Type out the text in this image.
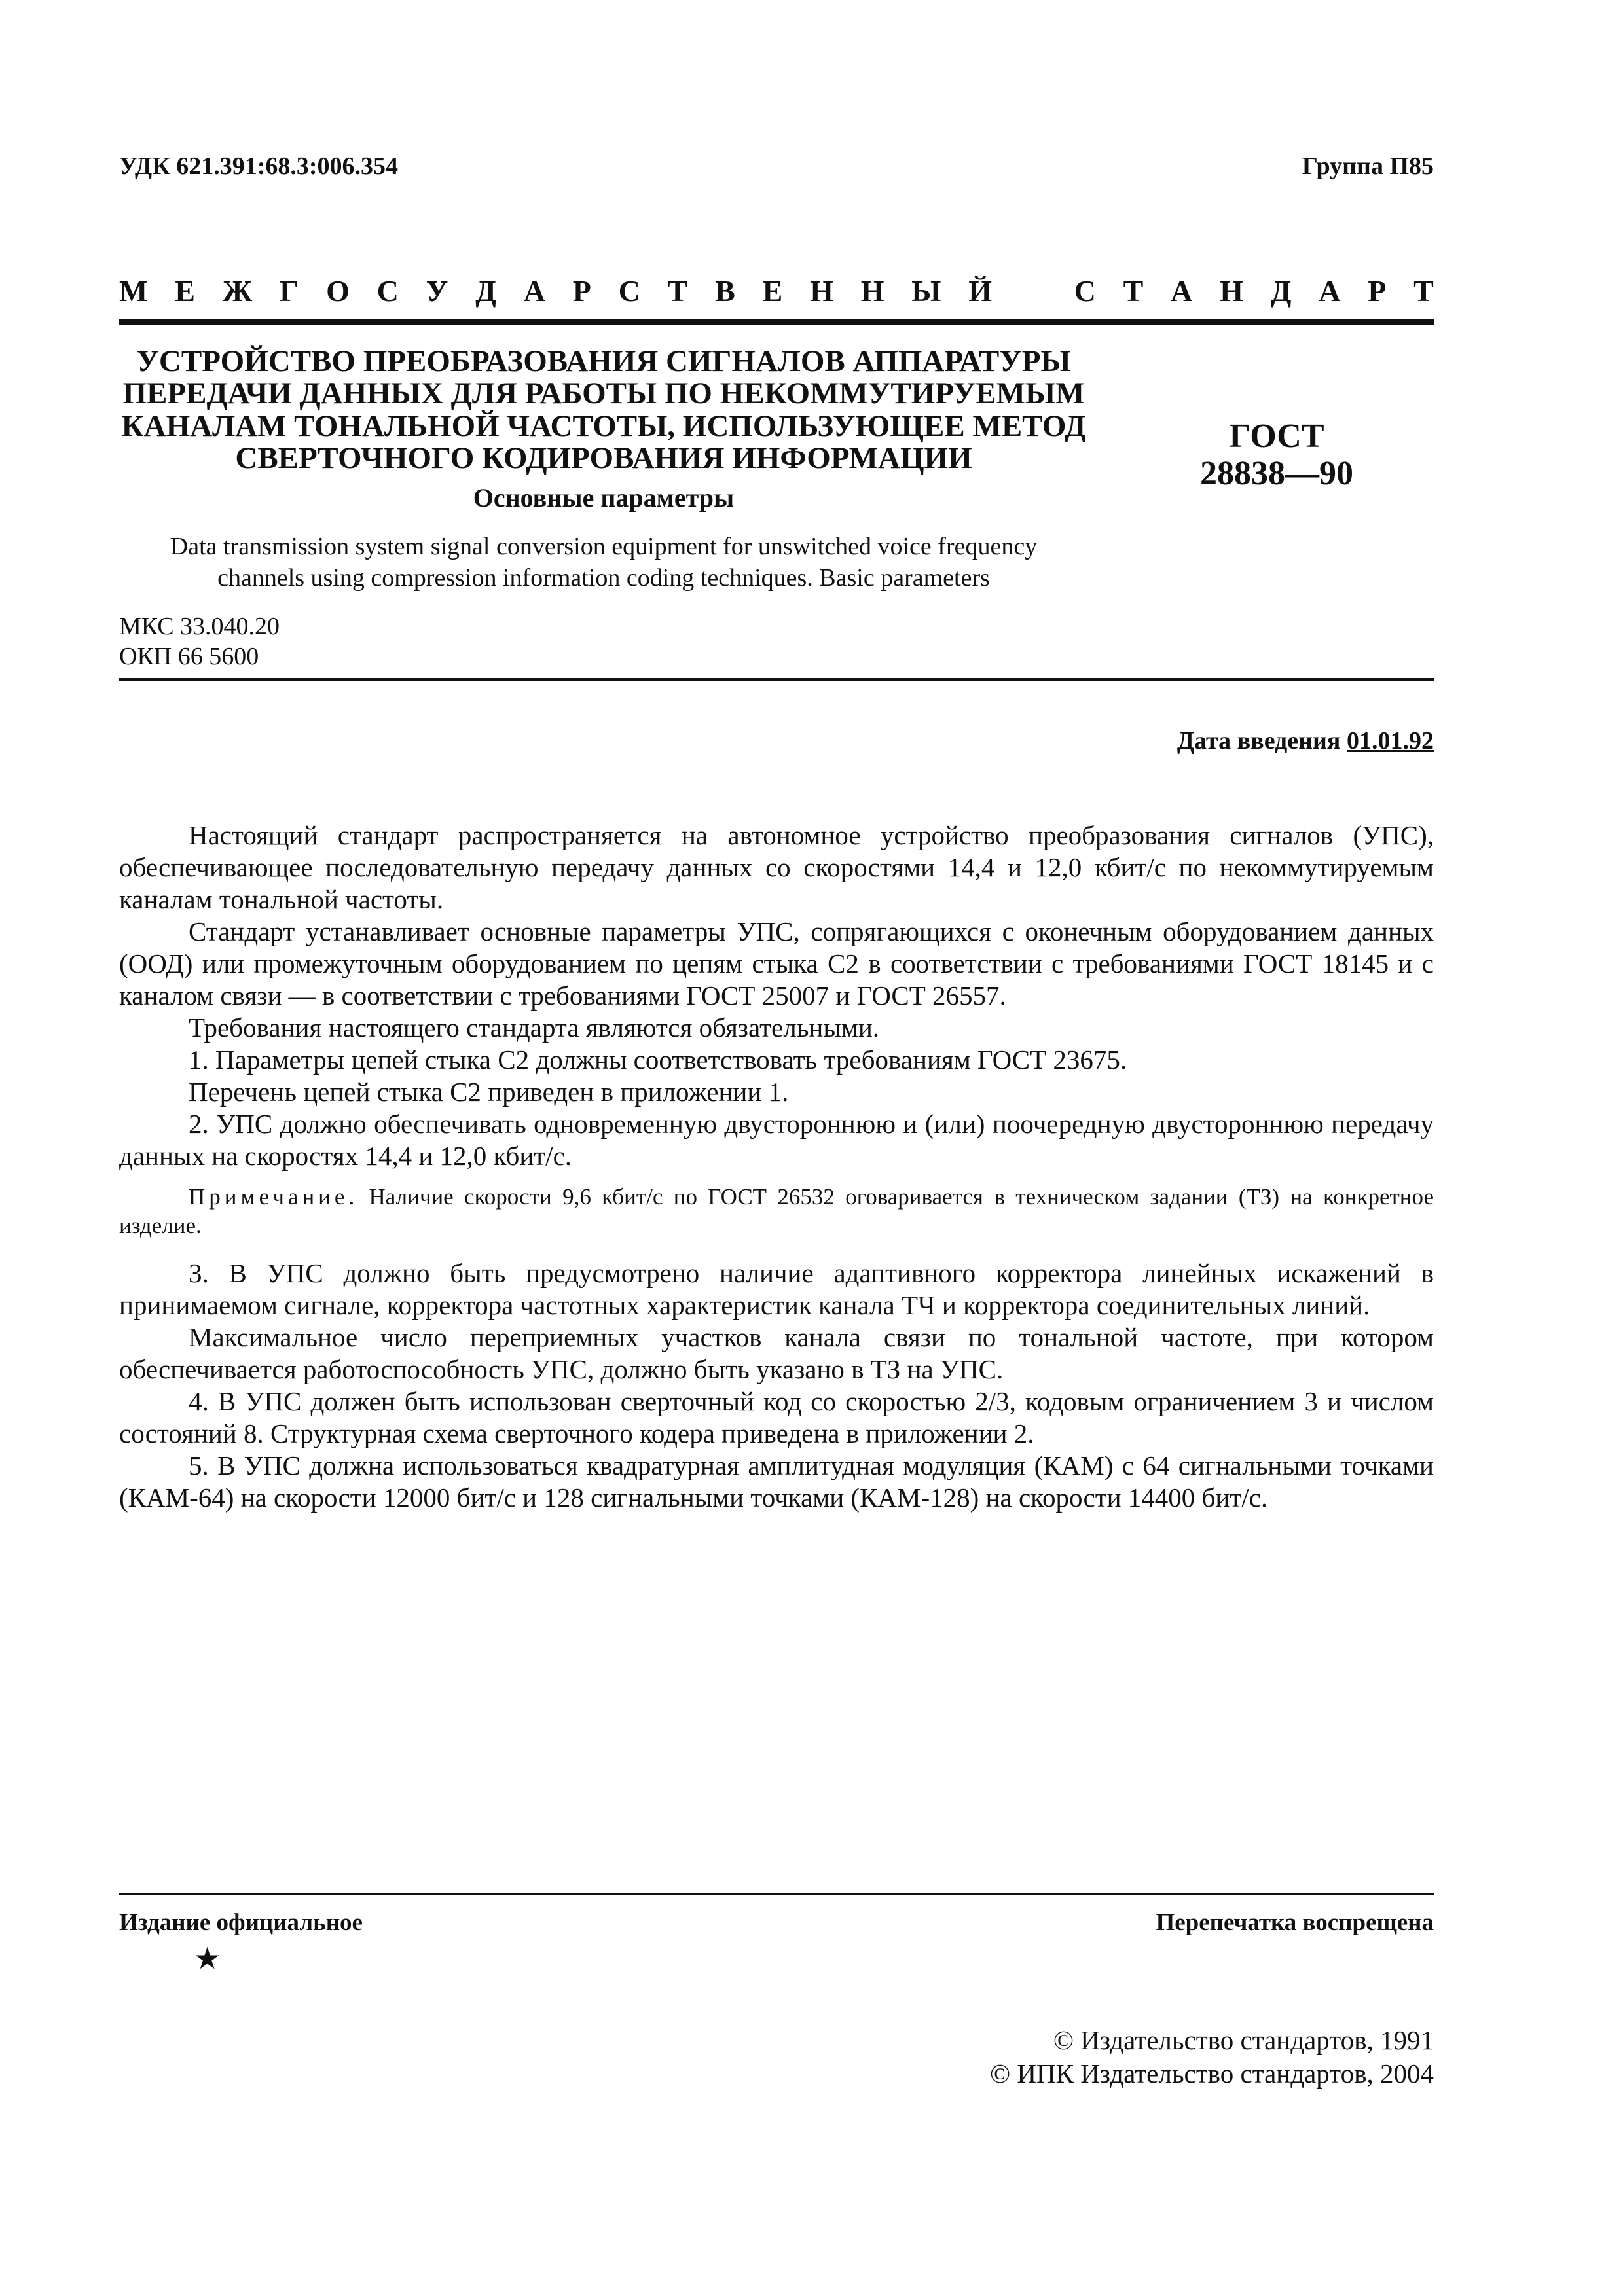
УДК 621.391:68.3:006.354	Группа П85
М Е Ж Г О С У Д А Р С Т В Е Н Н Ы Й	С Т А Н Д А Р Т
УСТРОЙСТВО ПРЕОБРАЗОВАНИЯ СИГНАЛОВ АППАРАТУРЫ
ПЕРЕДАЧИ ДАННЫХ ДЛЯ РАБОТЫ ПО НЕКОММУТИРУЕМЫМ
КАНАЛАМ ТОНАЛЬНОЙ ЧАСТОТЫ, ИСПОЛЬЗУЮЩЕЕ МЕТОД
СВЕРТОЧНОГО КОДИРОВАНИЯ ИНФОРМАЦИИ
Основные параметры
ГОСТ
28838—90
Data transmission system signal conversion equipment for unswitched voice frequency
channels using compression information coding techniques. Basic parameters
МКС 33.040.20
ОКП 66 5600
Дата введения 01.01.92

Настоящий стандарт распространяется на автономное устройство преобразования сигналов (УПС), обеспечивающее последовательную передачу данных со скоростями 14,4 и 12,0 кбит/с по некоммутируемым каналам тональной частоты.

Стандарт устанавливает основные параметры УПС, сопрягающихся с оконечным оборудованием данных (ООД) или промежуточным оборудованием по цепям стыка С2 в соответствии с требованиями ГОСТ 18145 и с каналом связи — в соответствии с требованиями ГОСТ 25007 и ГОСТ 26557.

Требования настоящего стандарта являются обязательными.

1. Параметры цепей стыка С2 должны соответствовать требованиям ГОСТ 23675.

Перечень цепей стыка С2 приведен в приложении 1.

2. УПС должно обеспечивать одновременную двустороннюю и (или) поочередную двустороннюю передачу данных на скоростях 14,4 и 12,0 кбит/с.

Примечание. Наличие скорости 9,6 кбит/с по ГОСТ 26532 оговаривается в техническом задании (ТЗ) на конкретное изделие.

3. В УПС должно быть предусмотрено наличие адаптивного корректора линейных искажений в принимаемом сигнале, корректора частотных характеристик канала ТЧ и корректора соединительных линий.

Максимальное число переприемных участков канала связи по тональной частоте, при котором обеспечивается работоспособность УПС, должно быть указано в ТЗ на УПС.

4. В УПС должен быть использован сверточный код со скоростью 2/3, кодовым ограничением 3 и числом состояний 8. Структурная схема сверточного кодера приведена в приложении 2.

5. В УПС должна использоваться квадратурная амплитудная модуляция (КАМ) с 64 сигнальными точками (КАМ-64) на скорости 12000 бит/с и 128 сигнальными точками (КАМ-128) на скорости 14400 бит/с.

Издание официальное	Перепечатка воспрещена
★
© Издательство стандартов, 1991
© ИПК Издательство стандартов, 2004
